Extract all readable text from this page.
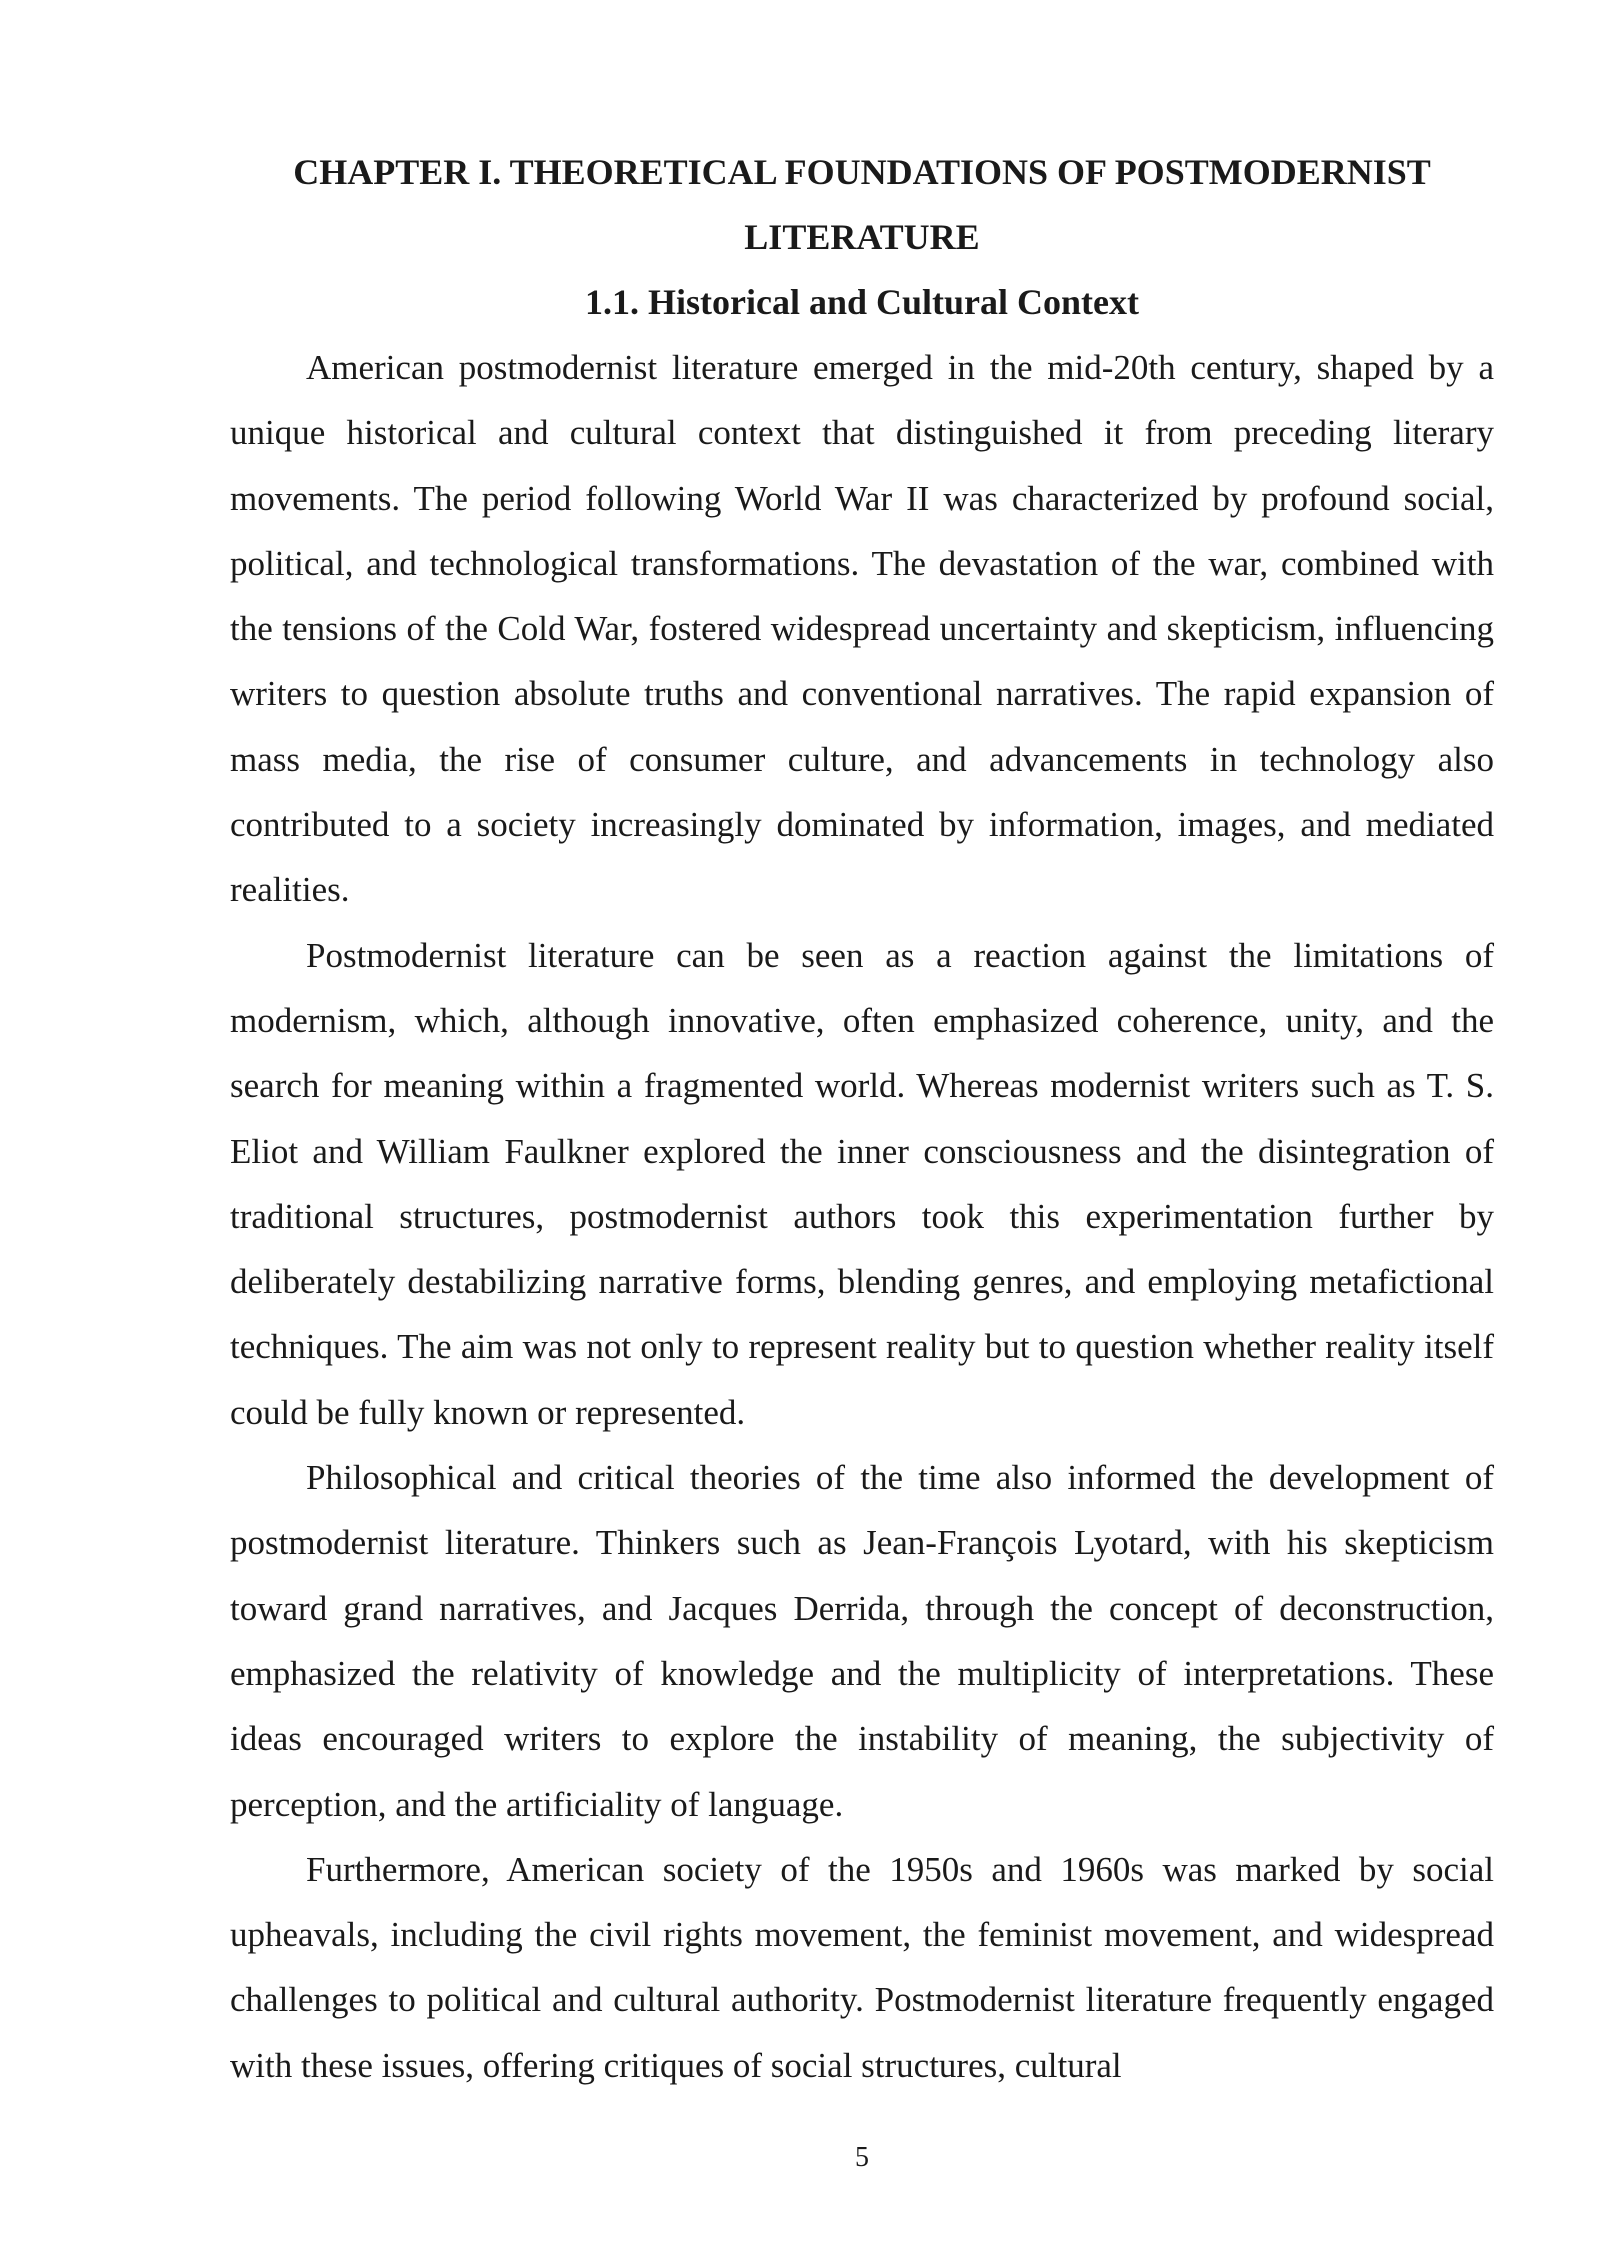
CHAPTER I. THEORETICAL FOUNDATIONS OF POSTMODERNIST LITERATURE
1.1. Historical and Cultural Context

American postmodernist literature emerged in the mid-20th century, shaped by a unique historical and cultural context that distinguished it from preceding literary movements. The period following World War II was characterized by profound social, political, and technological transformations. The devastation of the war, combined with the tensions of the Cold War, fostered widespread uncertainty and skepticism, influencing writers to question absolute truths and conventional narratives. The rapid expansion of mass media, the rise of consumer culture, and advancements in technology also contributed to a society increasingly dominated by information, images, and mediated realities.

Postmodernist literature can be seen as a reaction against the limitations of modernism, which, although innovative, often emphasized coherence, unity, and the search for meaning within a fragmented world. Whereas modernist writers such as T. S. Eliot and William Faulkner explored the inner consciousness and the disintegration of traditional structures, postmodernist authors took this experimentation further by deliberately destabilizing narrative forms, blending genres, and employing metafictional techniques. The aim was not only to represent reality but to question whether reality itself could be fully known or represented.

Philosophical and critical theories of the time also informed the development of postmodernist literature. Thinkers such as Jean-François Lyotard, with his skepticism toward grand narratives, and Jacques Derrida, through the concept of deconstruction, emphasized the relativity of knowledge and the multiplicity of interpretations. These ideas encouraged writers to explore the instability of meaning, the subjectivity of perception, and the artificiality of language.

Furthermore, American society of the 1950s and 1960s was marked by social upheavals, including the civil rights movement, the feminist movement, and widespread challenges to political and cultural authority. Postmodernist literature frequently engaged with these issues, offering critiques of social structures, cultural

5
